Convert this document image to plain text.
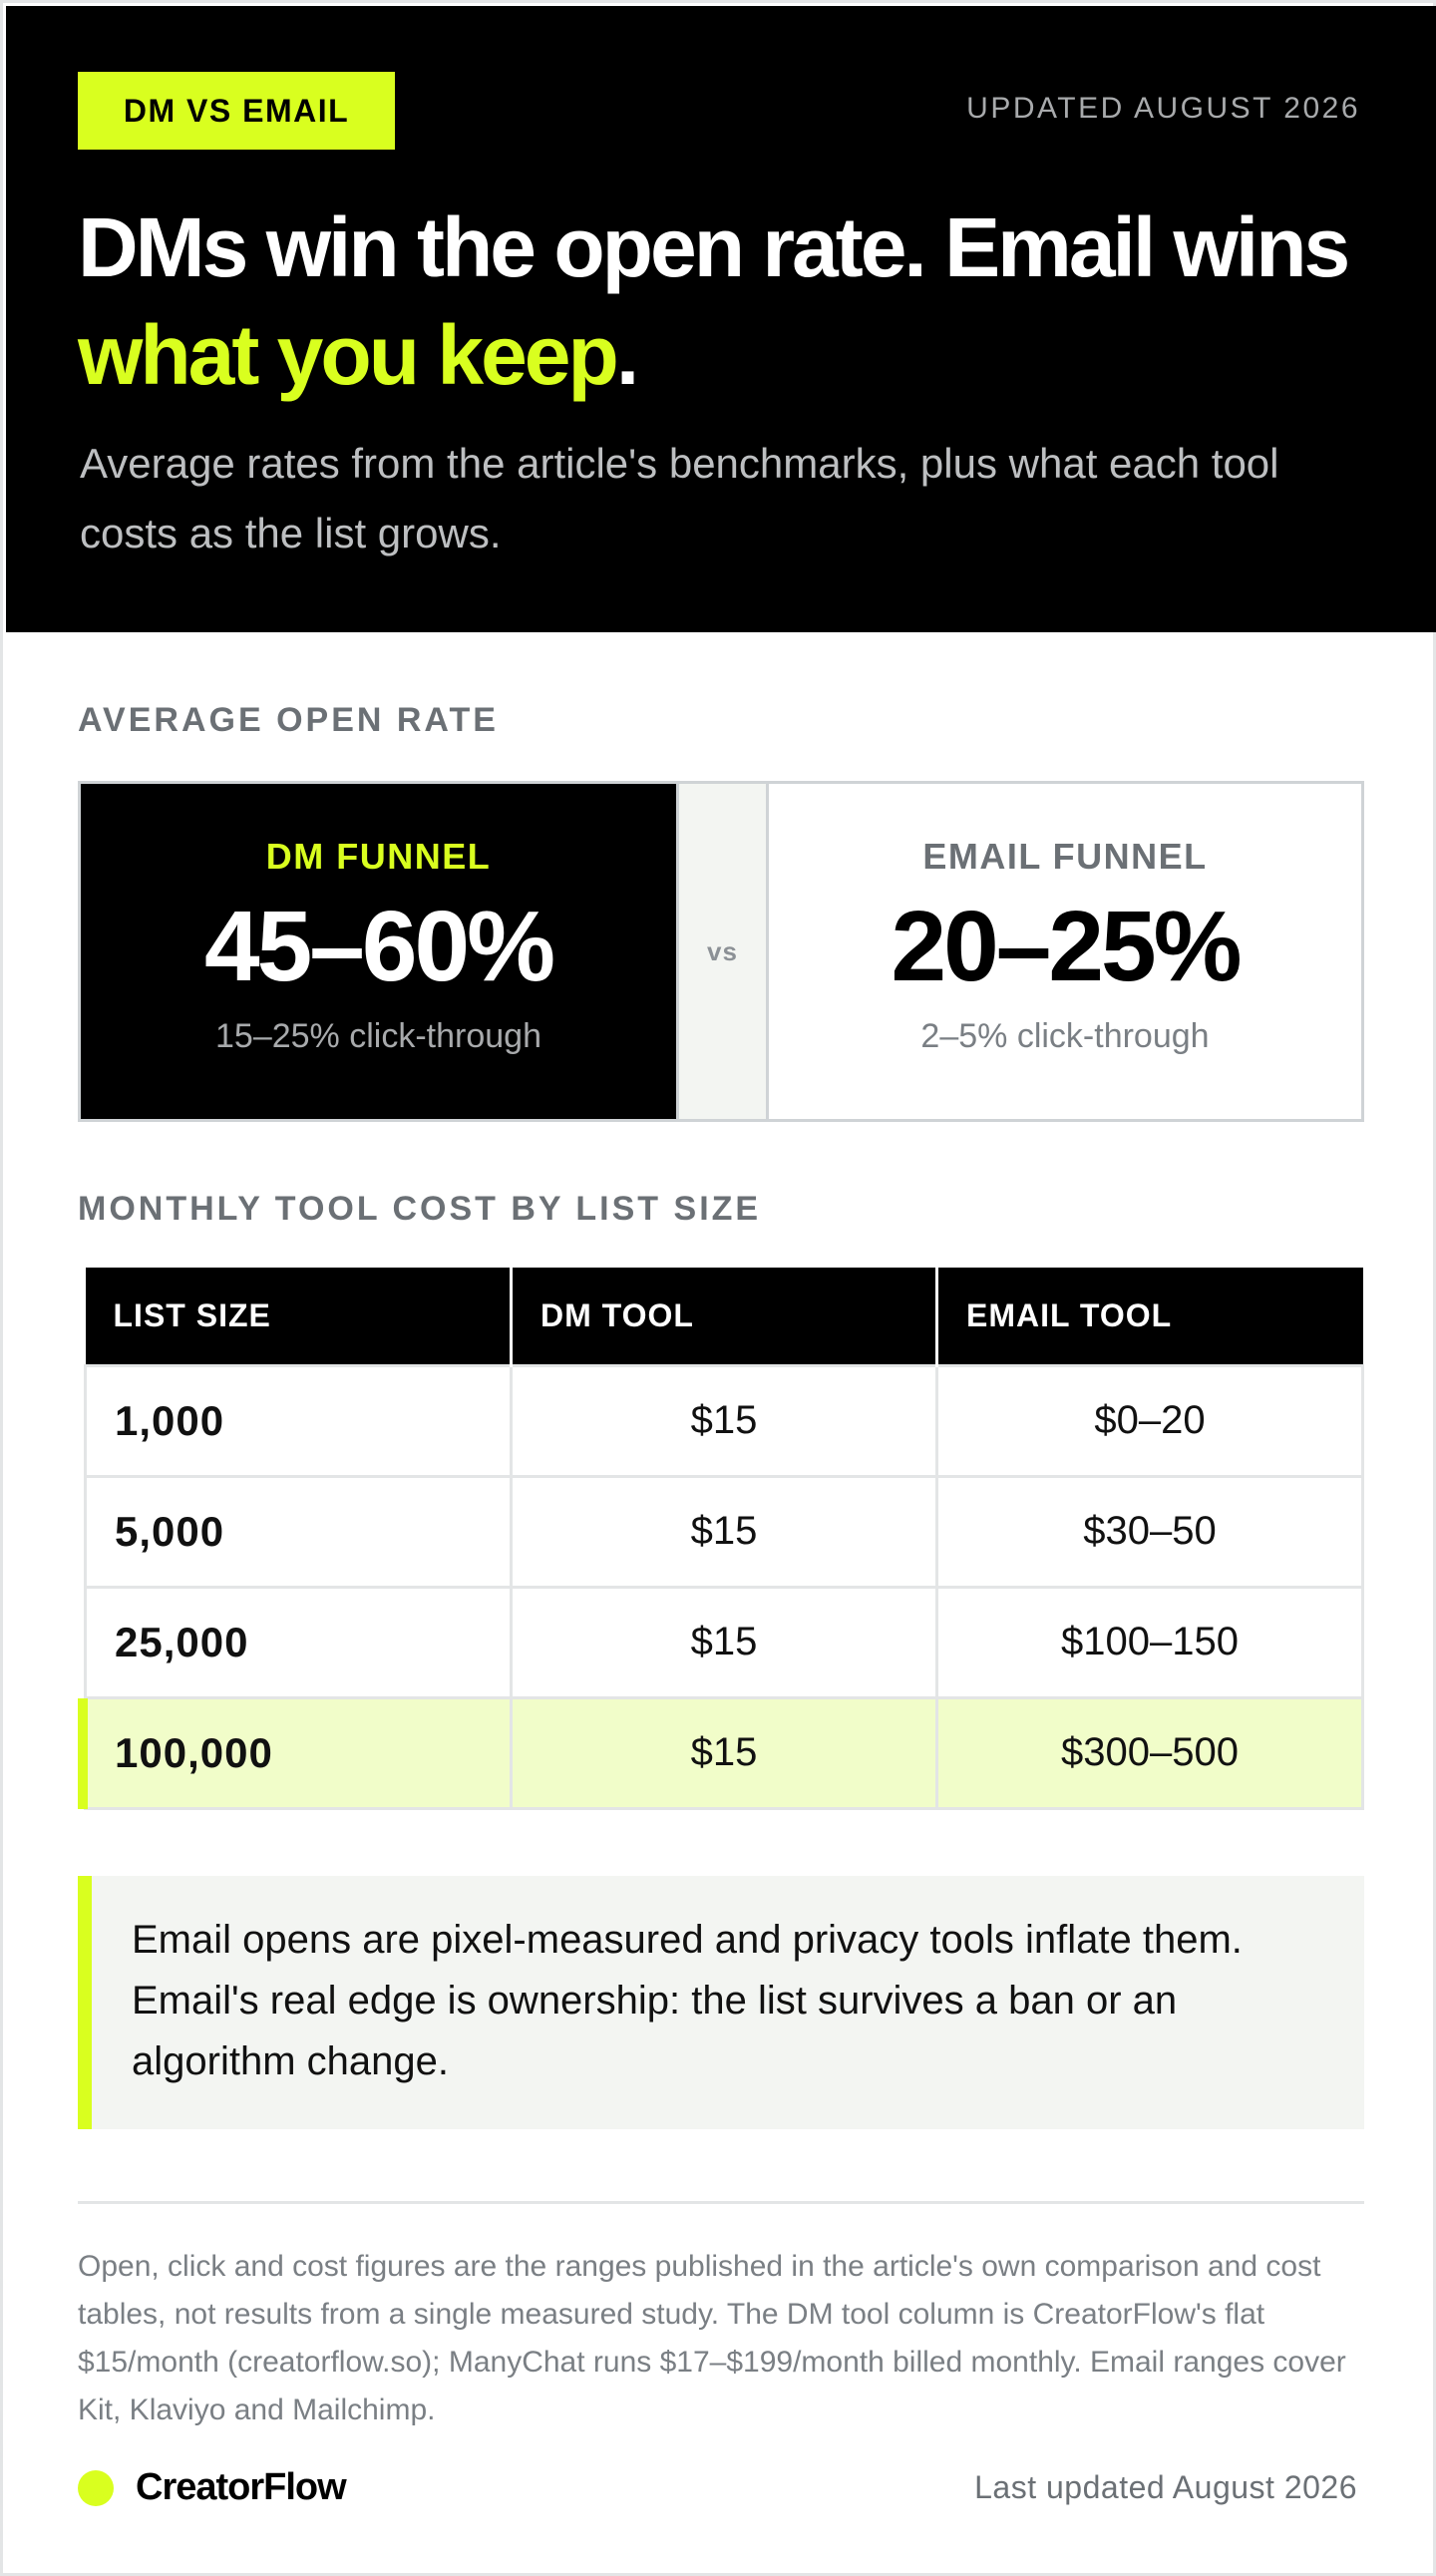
DM VS EMAIL	UPDATED AUGUST 2026
DMs win the open rate. Email wins what you keep.

Average rates from the article's benchmarks, plus what each tool costs as the list grows.

AVERAGE OPEN RATE
DM FUNNEL
45–60%
15–25% click-through
vs
EMAIL FUNNEL
20–25%
2–5% click-through
MONTHLY TOOL COST BY LIST SIZE
LIST SIZE	DM TOOL	EMAIL TOOL
1,000	$15	$0–20
5,000	$15	$30–50
25,000	$15	$100–150
100,000	$15	$300–500

Email opens are pixel-measured and privacy tools inflate them. Email's real edge is ownership: the list survives a ban or an algorithm change.

Open, click and cost figures are the ranges published in the article's own comparison and cost tables, not results from a single measured study. The DM tool column is CreatorFlow's flat $15/month (creatorflow.so); ManyChat runs $17–$199/month billed monthly. Email ranges cover Kit, Klaviyo and Mailchimp.

CreatorFlow	Last updated August 2026
